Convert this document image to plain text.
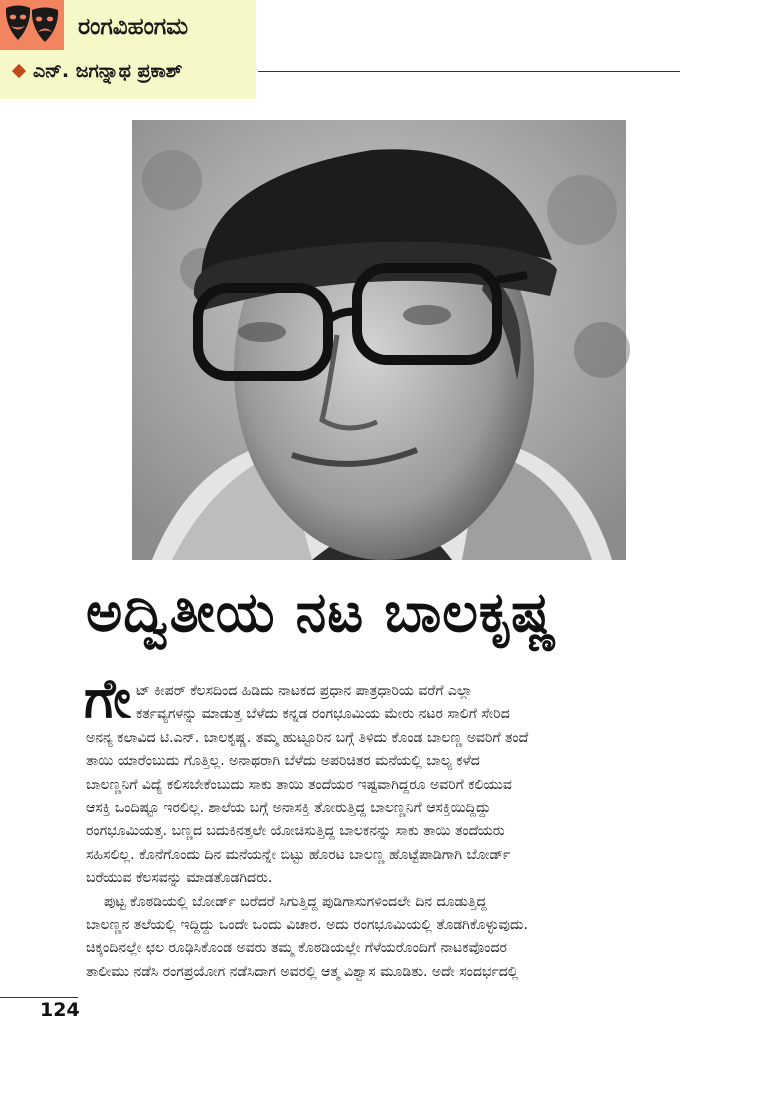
ರಂಗವಿಹಂಗಮ
ಎನ್. ಜಗನ್ನಾಥ ಪ್ರಕಾಶ್
ಅದ್ವಿತೀಯ ನಟ ಬಾಲಕೃಷ್ಣ
ಗೇ ಟ್ ಕೀಪರ್ ಕೆಲಸದಿಂದ ಹಿಡಿದು ನಾಟಕದ ಪ್ರಧಾನ ಪಾತ್ರಧಾರಿಯ ವರೆಗೆ ಎಲ್ಲಾ
ಕರ್ತವ್ಯಗಳನ್ನು ಮಾಡುತ್ತ ಬೆಳೆದು ಕನ್ನಡ ರಂಗಭೂಮಿಯ ಮೇರು ನಟರ ಸಾಲಿಗೆ ಸೇರಿದ
ಅನನ್ಯ ಕಲಾವಿದ ಟಿ.ಎನ್. ಬಾಲಕೃಷ್ಣ. ತಮ್ಮ ಹುಟ್ಟೂರಿನ ಬಗ್ಗೆ ತಿಳಿದು ಕೊಂಡ ಬಾಲಣ್ಣ ಅವರಿಗೆ ತಂದೆ
ತಾಯಿ ಯಾರೆಂಬುದು ಗೊತ್ತಿಲ್ಲ. ಅನಾಥರಾಗಿ ಬೆಳೆದು ಅಪರಿಚಿತರ ಮನೆಯಲ್ಲಿ ಬಾಲ್ಯ ಕಳೆದ
ಬಾಲಣ್ಣನಿಗೆ ವಿದ್ಯೆ ಕಲಿಸಬೇಕೆಂಬುದು ಸಾಕು ತಾಯಿ ತಂದೆಯರ ಇಷ್ಟವಾಗಿದ್ದರೂ ಅವರಿಗೆ ಕಲಿಯುವ
ಆಸಕ್ತಿ ಒಂದಿಷ್ಟೂ ಇರಲಿಲ್ಲ. ಶಾಲೆಯ ಬಗ್ಗೆ ಅನಾಸಕ್ತಿ ತೋರುತ್ತಿದ್ದ ಬಾಲಣ್ಣನಿಗೆ ಆಸಕ್ತಿಯಿದ್ದಿದ್ದು
ರಂಗಭೂಮಿಯತ್ತ. ಬಣ್ಣದ ಬದುಕಿನತ್ತಲೇ ಯೋಚಿಸುತ್ತಿದ್ದ ಬಾಲಕನನ್ನು ಸಾಕು ತಾಯಿ ತಂದೆಯರು
ಸಹಿಸಲಿಲ್ಲ. ಕೊನೆಗೊಂದು ದಿನ ಮನೆಯನ್ನೇ ಬಿಟ್ಟು ಹೊರಟ ಬಾಲಣ್ಣ ಹೊಟ್ಟೆಪಾಡಿಗಾಗಿ ಬೋರ್ಡ್
ಬರೆಯುವ ಕೆಲಸವನ್ನು ಮಾಡತೊಡಗಿದರು.
ಪುಟ್ಟ ಕೊಠಡಿಯಲ್ಲಿ ಬೋರ್ಡ್ ಬರೆದರೆ ಸಿಗುತ್ತಿದ್ದ ಪುಡಿಗಾಸುಗಳಿಂದಲೇ ದಿನ ದೂಡುತ್ತಿದ್ದ
ಬಾಲಣ್ಣನ ತಲೆಯಲ್ಲಿ ಇದ್ದಿದ್ದು ಒಂದೇ ಒಂದು ವಿಚಾರ. ಅದು ರಂಗಭೂಮಿಯಲ್ಲಿ ತೊಡಗಿಕೊಳ್ಳುವುದು.
ಚಿಕ್ಕಂದಿನಲ್ಲೇ ಛಲ ರೂಢಿಸಿಕೊಂಡ ಅವರು ತಮ್ಮ ಕೊಠಡಿಯಲ್ಲೇ ಗೆಳೆಯರೊಂದಿಗೆ ನಾಟಕವೊಂದರ
ತಾಲೀಮು ನಡೆಸಿ ರಂಗಪ್ರಯೋಗ ನಡೆಸಿದಾಗ ಅವರಲ್ಲಿ ಆತ್ಮ ವಿಶ್ವಾಸ ಮೂಡಿತು. ಅದೇ ಸಂದರ್ಭದಲ್ಲಿ
124
